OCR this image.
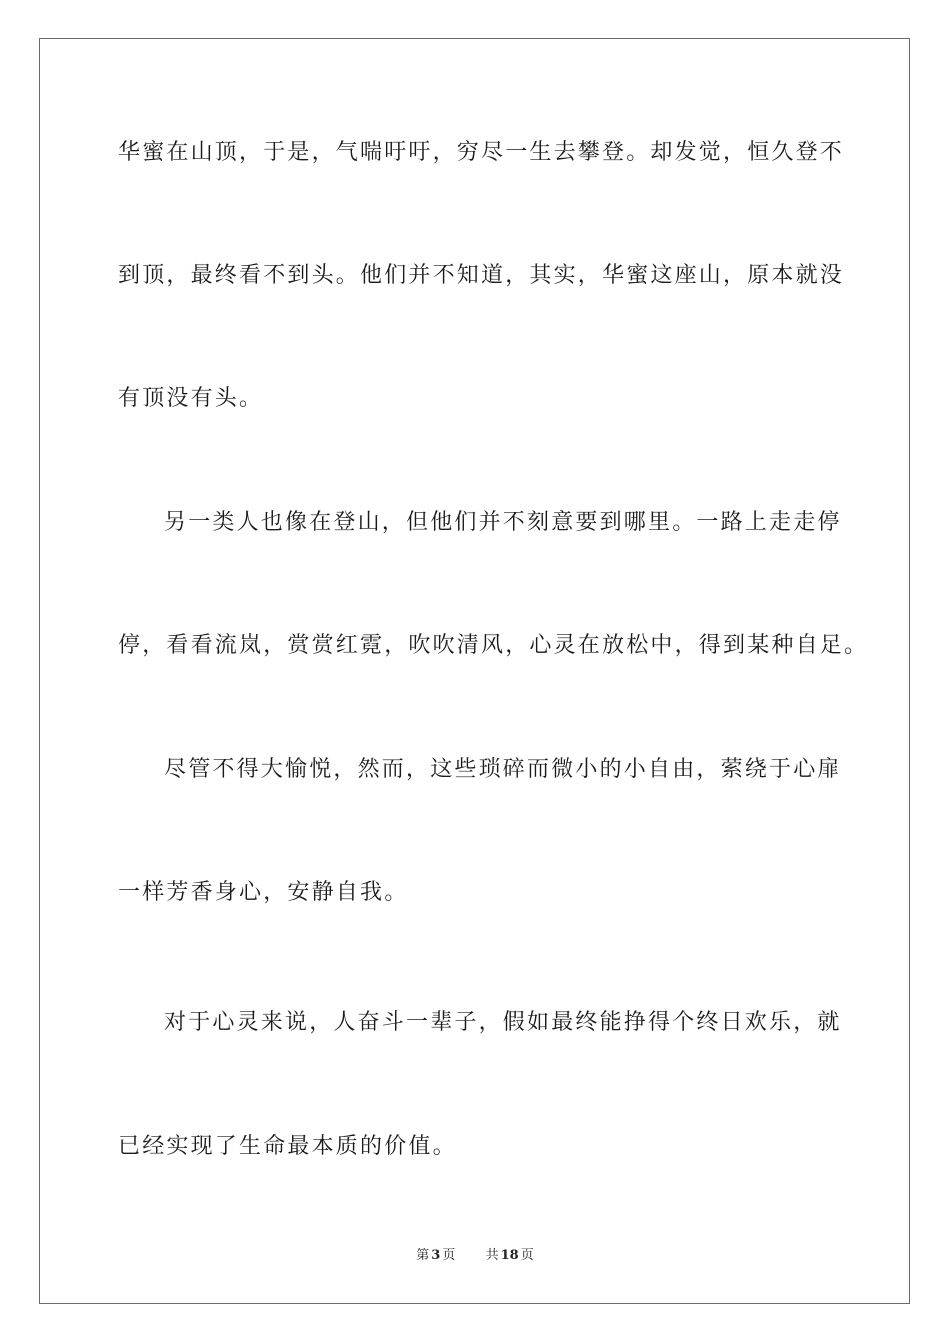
华蜜在山顶，于是，气喘吁吁，穷尽一生去攀登。却发觉，恒久登不
到顶，最终看不到头。他们并不知道，其实，华蜜这座山，原本就没
有顶没有头。
另一类人也像在登山，但他们并不刻意要到哪里。一路上走走停
停，看看流岚，赏赏红霓，吹吹清风，心灵在放松中，得到某种自足。
尽管不得大愉悦，然而，这些琐碎而微小的小自由，萦绕于心扉
一样芳香身心，安静自我。
对于心灵来说，人奋斗一辈子，假如最终能挣得个终日欢乐，就
已经实现了生命最本质的价值。
第 3 页 共 18 页
